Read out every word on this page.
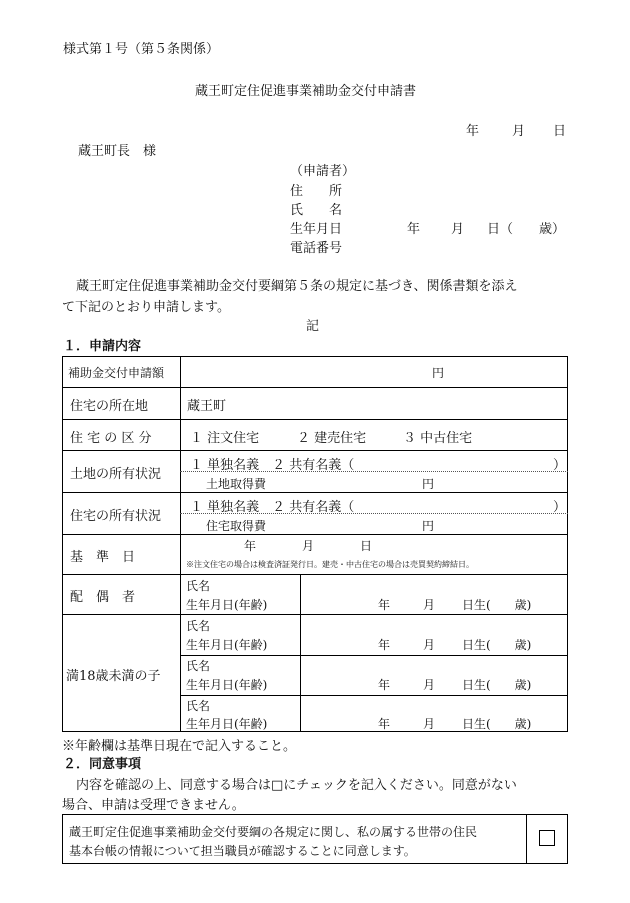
様式第１号（第５条関係）
蔵王町定住促進事業補助金交付申請書
年	月 日
蔵王町長　様
（申請者）
住　　所
氏　　名
生年月日	年 月 日（　　歳）
電話番号
蔵王町定住促進事業補助金交付要綱第５条の規定に基づき、関係書類を添え
て下記のとおり申請します。
記
１．申請内容
補助金交付申請額	円
住宅の所在地	蔵王町
住 宅 の 区 分	１ 注文住宅	２ 建売住宅	３ 中古住宅
土地の所有状況
１ 単独名義　２ 共有名義（	）
土地取得費	円
住宅の所有状況
１ 単独名義　２ 共有名義（	）
住宅取得費	円
基　準　日
年	月	日
※注文住宅の場合は検査済証発行日。建売・中古住宅の場合は売買契約締結日。
配　偶　者
氏名
生年月日(年齢)	年	月 日生(　　歳)
満18歳未満の子
氏名
生年月日(年齢)	年	月 日生(　　歳)
氏名
生年月日(年齢)	年	月 日生(　　歳)
氏名
生年月日(年齢)	年	月 日生(　　歳)
※年齢欄は基準日現在で記入すること。
２．同意事項
内容を確認の上、同意する場合は□にチェックを記入ください。同意がない
場合、申請は受理できません。
蔵王町定住促進事業補助金交付要綱の各規定に関し、私の属する世帯の住民
基本台帳の情報について担当職員が確認することに同意します。
